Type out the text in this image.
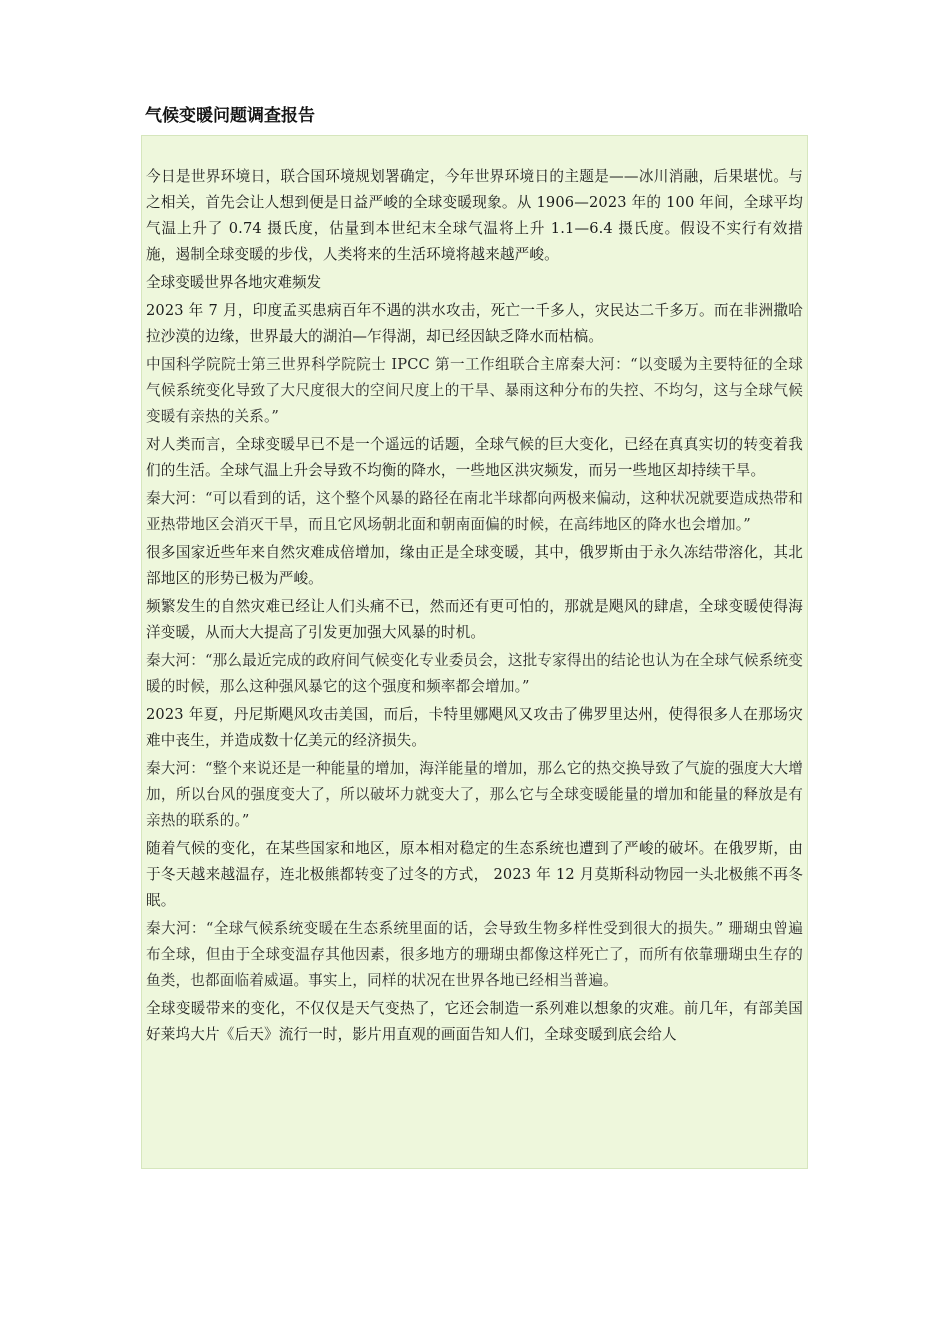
气候变暖问题调查报告

今日是世界环境日，联合国环境规划署确定，今年世界环境日的主题是——冰川消融，后果堪忧。与之相关，首先会让人想到便是日益严峻的全球变暖现象。从 1906—2023 年的 100 年间，全球平均气温上升了 0.74 摄氏度，估量到本世纪末全球气温将上升 1.1—6.4 摄氏度。假设不实行有效措施，遏制全球变暖的步伐，人类将来的生活环境将越来越严峻。

全球变暖世界各地灾难频发

2023 年 7 月，印度孟买患病百年不遇的洪水攻击，死亡一千多人，灾民达二千多万。而在非洲撒哈拉沙漠的边缘，世界最大的湖泊—乍得湖，却已经因缺乏降水而枯槁。

中国科学院院士第三世界科学院院士 IPCC 第一工作组联合主席秦大河：“以变暖为主要特征的全球气候系统变化导致了大尺度很大的空间尺度上的干旱、暴雨这种分布的失控、不均匀，这与全球气候变暖有亲热的关系。”

对人类而言，全球变暖早已不是一个遥远的话题，全球气候的巨大变化，已经在真真实切的转变着我们的生活。全球气温上升会导致不均衡的降水，一些地区洪灾频发，而另一些地区却持续干旱。

秦大河：“可以看到的话，这个整个风暴的路径在南北半球都向两极来偏动，这种状况就要造成热带和亚热带地区会消灭干旱，而且它风场朝北面和朝南面偏的时候，在高纬地区的降水也会增加。”

很多国家近些年来自然灾难成倍增加，缘由正是全球变暖，其中，俄罗斯由于永久冻结带溶化，其北部地区的形势已极为严峻。

频繁发生的自然灾难已经让人们头痛不已，然而还有更可怕的，那就是飓风的肆虐，全球变暖使得海洋变暖，从而大大提高了引发更加强大风暴的时机。

秦大河：“那么最近完成的政府间气候变化专业委员会，这批专家得出的结论也认为在全球气候系统变暖的时候，那么这种强风暴它的这个强度和频率都会增加。”

2023 年夏，丹尼斯飓风攻击美国，而后，卡特里娜飓风又攻击了佛罗里达州，使得很多人在那场灾难中丧生，并造成数十亿美元的经济损失。

秦大河：“整个来说还是一种能量的增加，海洋能量的增加，那么它的热交换导致了气旋的强度大大增加，所以台风的强度变大了，所以破坏力就变大了，那么它与全球变暖能量的增加和能量的释放是有亲热的联系的。”

随着气候的变化，在某些国家和地区，原本相对稳定的生态系统也遭到了严峻的破坏。在俄罗斯，由于冬天越来越温存，连北极熊都转变了过冬的方式， 2023 年 12 月莫斯科动物园一头北极熊不再冬眠。

秦大河：“全球气候系统变暖在生态系统里面的话，会导致生物多样性受到很大的损失。” 珊瑚虫曾遍布全球，但由于全球变温存其他因素，很多地方的珊瑚虫都像这样死亡了，而所有依靠珊瑚虫生存的鱼类，也都面临着威逼。事实上，同样的状况在世界各地已经相当普遍。

全球变暖带来的变化，不仅仅是天气变热了，它还会制造一系列难以想象的灾难。前几年，有部美国好莱坞大片《后天》流行一时，影片用直观的画面告知人们，全球变暖到底会给人
